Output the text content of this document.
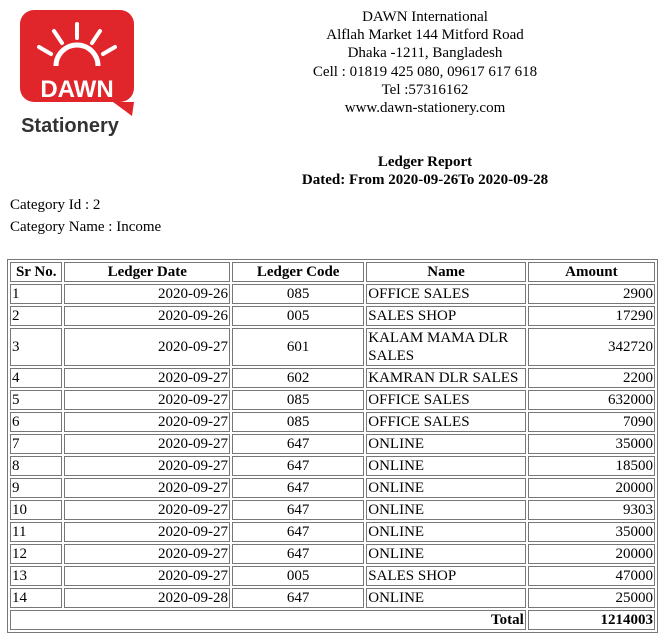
DAWN
Stationery
DAWN International
Alflah Market 144 Mitford Road
Dhaka -1211, Bangladesh
Cell : 01819 425 080, 09617 617 618
Tel :57316162
www.dawn-stationery.com
Ledger Report
Dated: From 2020-09-26To 2020-09-28
Category Id : 2
Category Name : Income
Sr No.	Ledger Date	Ledger Code	Name	Amount
1	2020-09-26	085	OFFICE SALES	2900
2	2020-09-26	005	SALES SHOP	17290
3	2020-09-27	601	KALAM MAMA DLR SALES	342720
4	2020-09-27	602	KAMRAN DLR SALES	2200
5	2020-09-27	085	OFFICE SALES	632000
6	2020-09-27	085	OFFICE SALES	7090
7	2020-09-27	647	ONLINE	35000
8	2020-09-27	647	ONLINE	18500
9	2020-09-27	647	ONLINE	20000
10	2020-09-27	647	ONLINE	9303
11	2020-09-27	647	ONLINE	35000
12	2020-09-27	647	ONLINE	20000
13	2020-09-27	005	SALES SHOP	47000
14	2020-09-28	647	ONLINE	25000
Total				1214003
